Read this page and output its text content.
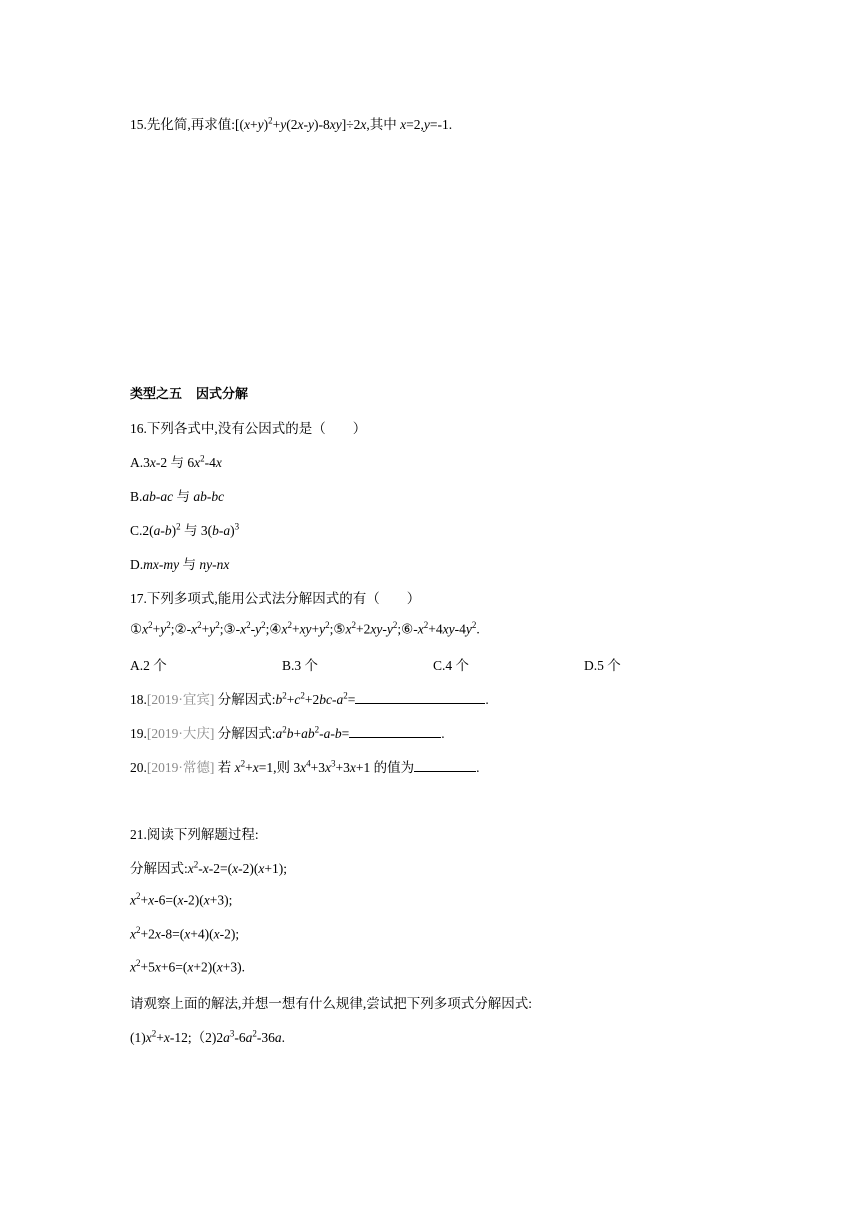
15.先化简,再求值$:[(x+y)^2+y(2x-y)-8xy]\div 2x$,其中 x=2,y=-1.
类型之五 因式分解
16.下列各式中,没有公因式的是（　　）
A.3x-2 与 $6x^2-4x$
B.ab-ac 与 ab-bc
$C.2(a-b)^2$ 与 $3(b-a)^3$
D.mx-my 与 ny-nx
17.下列多项式,能用公式法分解因式的有（　　）
$①x^2+y^2;②-x^2+y^2;③-x^2-y^2;④x^2+xy+y^2;⑤x^2+2xy-y^2;⑥-x^2+4xy-4y^2$.
A.2 个	B.3 个	C.4 个	D.5 个
18.[2019·宜宾] 分解因式$:b^2+c^2+2bc-a^2=$	.
19.[2019·大庆] 分解因式$:a^2b+ab^2-a-b=$	.
20.[2019·常德] 若 $x^2+x=1$,则 $3x^4+3x^3+3x+1$ 的值为	.
21.阅读下列解题过程:
分解因式$:x^2-x-2=(x-2)(x+1)$;
$x^2+x-6=(x-2)(x+3)$;
$x^2+2x-8=(x+4)(x-2)$;
$x^2+5x+6=(x+2)(x+3)$.
请观察上面的解法,并想一想有什么规律,尝试把下列多项式分解因式:
$(1)x^2+x-12;(2)2a^3-6a^2-36a$.
